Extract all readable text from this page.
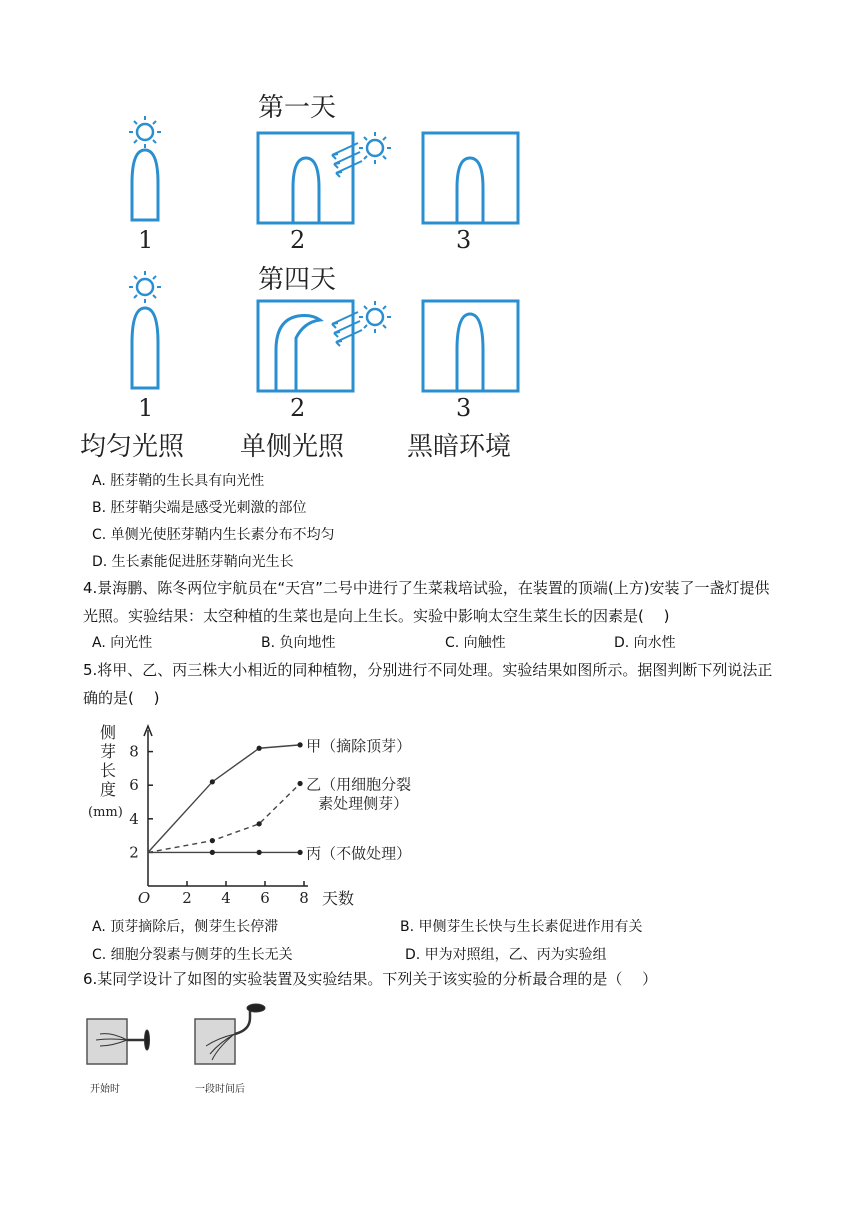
第一天
第四天
1	2	3
1	2	3
均匀光照 单侧光照 黑暗环境
A. 胚芽鞘的生长具有向光性
B. 胚芽鞘尖端是感受光刺激的部位
C. 单侧光使胚芽鞘内生长素分布不均匀
D. 生长素能促进胚芽鞘向光生长
4.景海鹏、陈冬两位宇航员在“天宫”二号中进行了生菜栽培试验，在装置的顶端(上方)安装了一盏灯提供光照。实验结果：太空种植的生菜也是向上生长。实验中影响太空生菜生长的因素是(　 )
A. 向光性	B. 负向地性	C. 向触性	D. 向水性
5.将甲、乙、丙三株大小相近的同种植物，分别进行不同处理。实验结果如图所示。据图判断下列说法正确的是(　 )
侧
芽
长
度
(mm)
2
4
6
8
O 2 4 6 8 天数
甲（摘除顶芽）
乙（用细胞分裂
素处理侧芽）
丙（不做处理）
A. 顶芽摘除后，侧芽生长停滞	B. 甲侧芽生长快与生长素促进作用有关
C. 细胞分裂素与侧芽的生长无关	D. 甲为对照组，乙、丙为实验组
6.某同学设计了如图的实验装置及实验结果。下列关于该实验的分析最合理的是（　 ）
开始时	一段时间后
